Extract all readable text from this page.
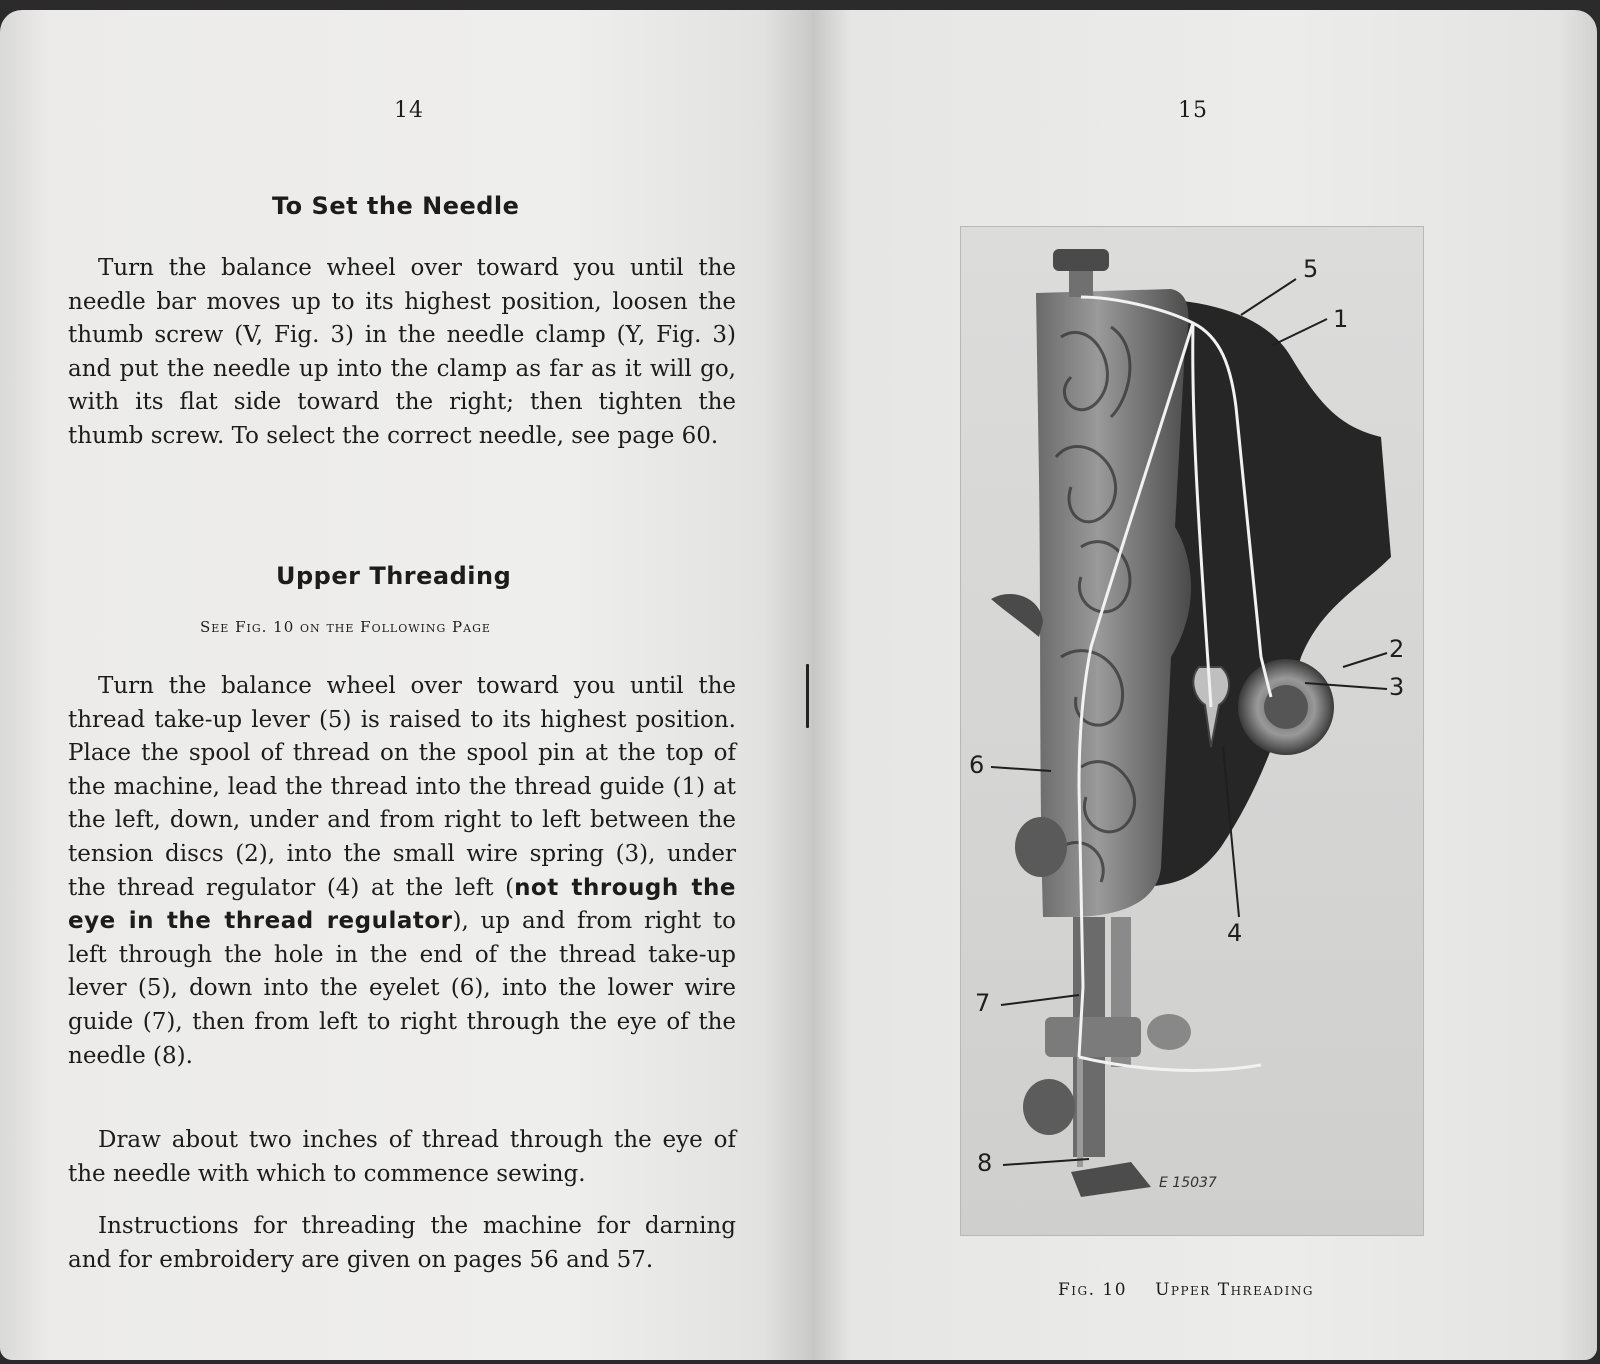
14
To Set the Needle
Turn the balance wheel over toward you until the needle bar moves up to its highest position, loosen the thumb screw (V, Fig. 3) in the needle clamp (Y, Fig. 3) and put the needle up into the clamp as far as it will go, with its flat side toward the right; then tighten the thumb screw. To select the correct needle, see page 60.
Upper Threading
See Fig. 10 on the Following Page
Turn the balance wheel over toward you until the thread take-up lever (5) is raised to its highest position. Place the spool of thread on the spool pin at the top of the machine, lead the thread into the thread guide (1) at the left, down, under and from right to left between the tension discs (2), into the small wire spring (3), under the thread regulator (4) at the left (not through the eye in the thread regulator), up and from right to left through the hole in the end of the thread take-up lever (5), down into the eyelet (6), into the lower wire guide (7), then from left to right through the eye of the needle (8).
Draw about two inches of thread through the eye of the needle with which to commence sewing.
Instructions for threading the machine for darning and for embroidery are given on pages 56 and 57.
15
5
1
2
3
4
6
7
8
E 15037
Fig. 10 Upper Threading
